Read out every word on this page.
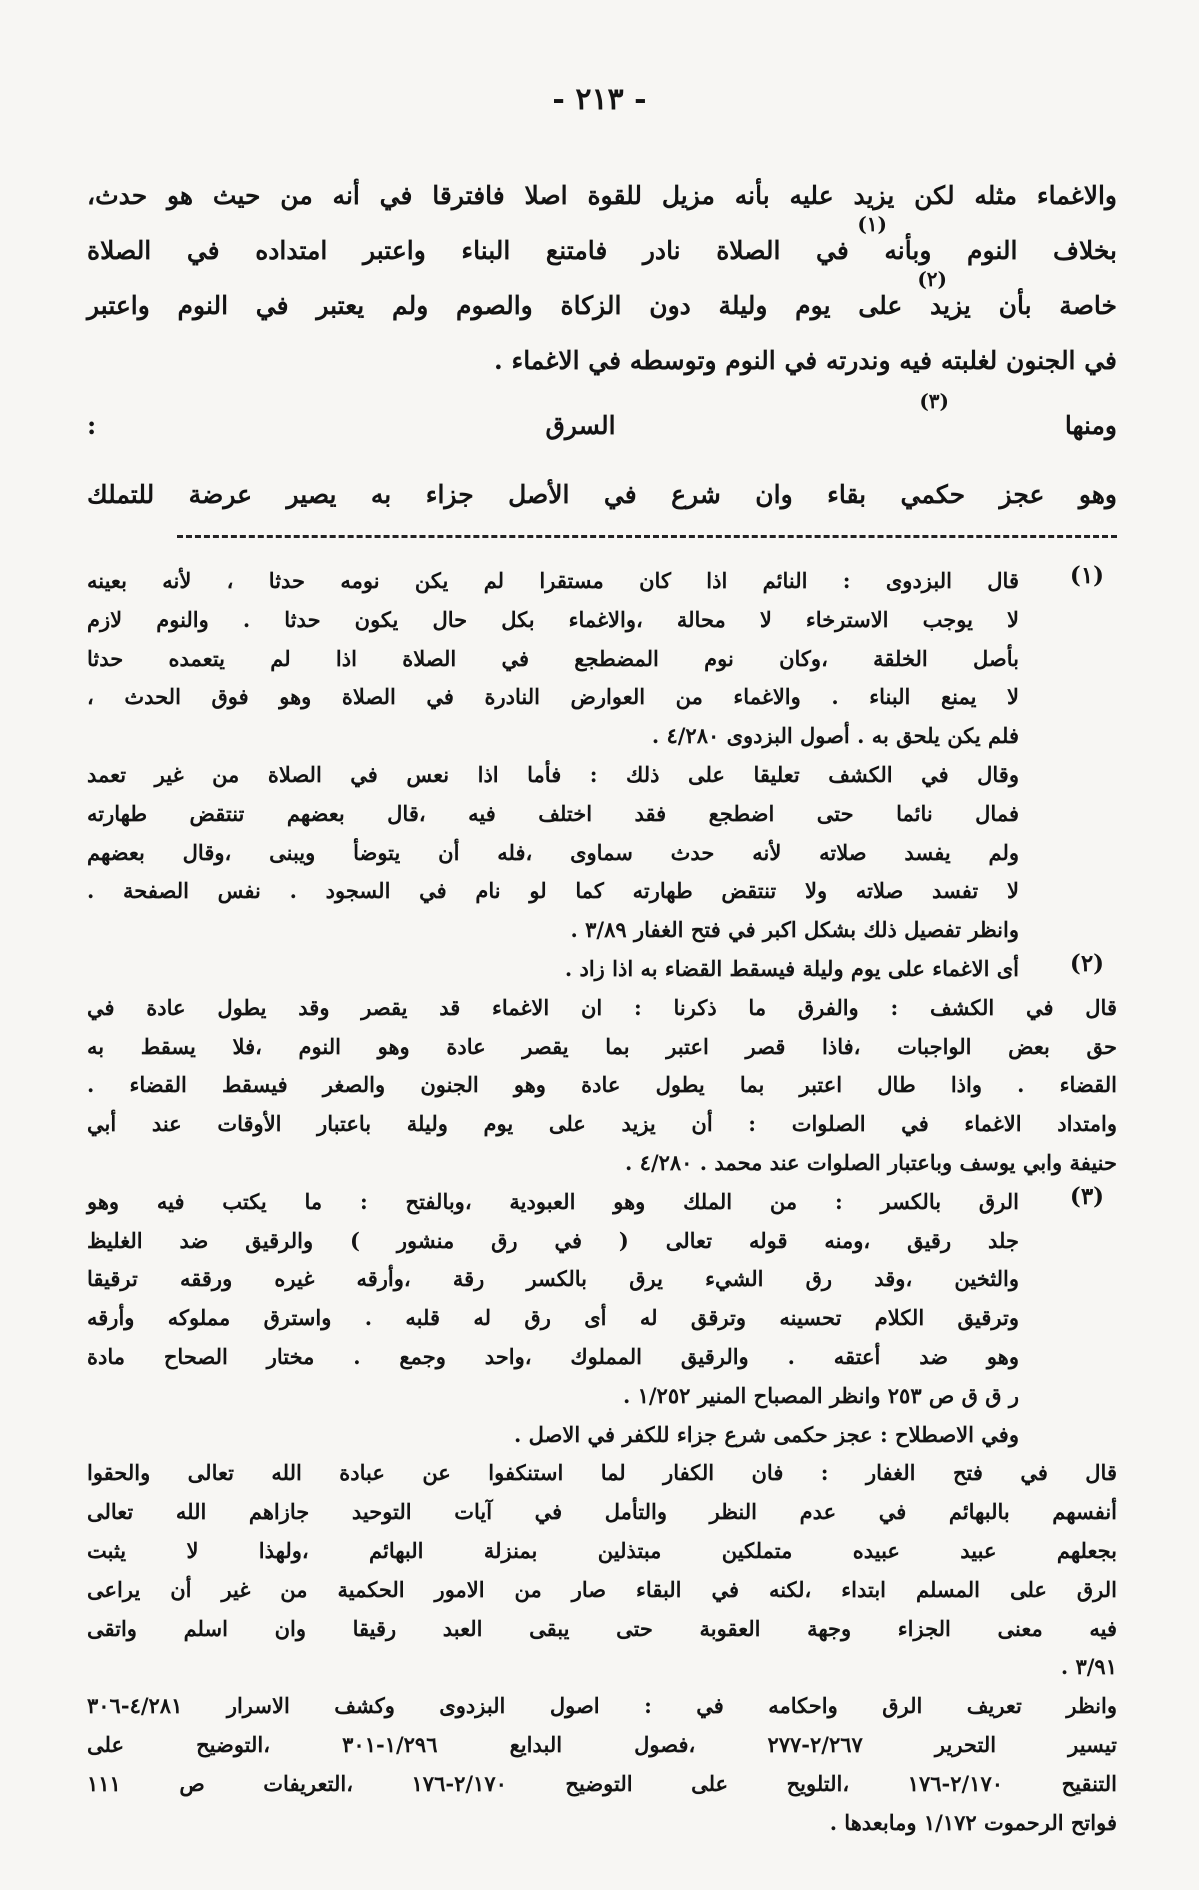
- ٢١٣ -
والاغماء مثله لكن يزيد عليه بأنه مزيل للقوة اصلا فافترقا في أنه من حيث هو حدث،
(١)
بخلاف النوم وبأنه في الصلاة نادر فامتنع البناء واعتبر امتداده في الصلاة
(٢)
خاصة بأن يزيد على يوم وليلة دون الزكاة والصوم ولم يعتبر في النوم واعتبر
في الجنون لغلبته فيه وندرته في النوم وتوسطه في الاغماء .
(٣)
ومنها السرق :
وهو عجز حكمي بقاء وان شرع في الأصل جزاء به يصير عرضة للتملك
(١)
قال البزدوى : النائم اذا كان مستقرا لم يكن نومه حدثا ، لأنه بعينه
لا يوجب الاسترخاء لا محالة ،والاغماء بكل حال يكون حدثا . والنوم لازم
بأصل الخلقة ،وكان نوم المضطجع في الصلاة اذا لم يتعمده حدثا
لا يمنع البناء . والاغماء من العوارض النادرة في الصلاة وهو فوق الحدث ،
فلم يكن يلحق به . أصول البزدوى ٤/٢٨٠ .
وقال في الكشف تعليقا على ذلك : فأما اذا نعس في الصلاة من غير تعمد
فمال نائما حتى اضطجع فقد اختلف فيه ،قال بعضهم تنتقض طهارته
ولم يفسد صلاته لأنه حدث سماوى ،فله أن يتوضأ ويبنى ،وقال بعضهم
لا تفسد صلاته ولا تنتقض طهارته كما لو نام في السجود . نفس الصفحة .
وانظر تفصيل ذلك بشكل اكبر في فتح الغفار ٣/٨٩ .
(٢)
أى الاغماء على يوم وليلة فيسقط القضاء به اذا زاد .
قال في الكشف : والفرق ما ذكرنا : ان الاغماء قد يقصر وقد يطول عادة في
حق بعض الواجبات ،فاذا قصر اعتبر بما يقصر عادة وهو النوم ،فلا يسقط به
القضاء . واذا طال اعتبر بما يطول عادة وهو الجنون والصغر فيسقط القضاء .
وامتداد الاغماء في الصلوات : أن يزيد على يوم وليلة باعتبار الأوقات عند أبي
حنيفة وابي يوسف وباعتبار الصلوات عند محمد . ٤/٢٨٠ .
(٣)
الرق بالكسر : من الملك وهو العبودية ،وبالفتح : ما يكتب فيه وهو
جلد رقيق ،ومنه قوله تعالى ( في رق منشور ) والرقيق ضد الغليظ
والثخين ،وقد رق الشيء يرق بالكسر رقة ،وأرقه غيره ورققه ترقيقا
وترقيق الكلام تحسينه وترقق له أى رق له قلبه . واسترق مملوكه وأرقه
وهو ضد أعتقه . والرقيق المملوك ،واحد وجمع . مختار الصحاح مادة
ر ق ق ص ٢٥٣ وانظر المصباح المنير ١/٢٥٢ .
وفي الاصطلاح : عجز حكمى شرع جزاء للكفر في الاصل .
قال في فتح الغفار : فان الكفار لما استنكفوا عن عبادة الله تعالى والحقوا
أنفسهم بالبهائم في عدم النظر والتأمل في آيات التوحيد جازاهم الله تعالى
بجعلهم عبيد عبيده متملكين مبتذلين بمنزلة البهائم ،ولهذا لا يثبت
الرق على المسلم ابتداء ،لكنه في البقاء صار من الامور الحكمية من غير أن يراعى
فيه معنى الجزاء وجهة العقوبة حتى يبقى العبد رقيقا وان اسلم واتقى
٣/٩١ .
وانظر تعريف الرق واحكامه في : اصول البزدوى وكشف الاسرار ٤/٢٨١-٣٠٦
تيسير التحرير ٢/٢٦٧-٢٧٧ ،فصول البدايع ١/٢٩٦-٣٠١ ،التوضيح على
التنقيح ٢/١٧٠-١٧٦ ،التلويح على التوضيح ٢/١٧٠-١٧٦ ،التعريفات ص ١١١
فواتح الرحموت ١/١٧٢ ومابعدها .
